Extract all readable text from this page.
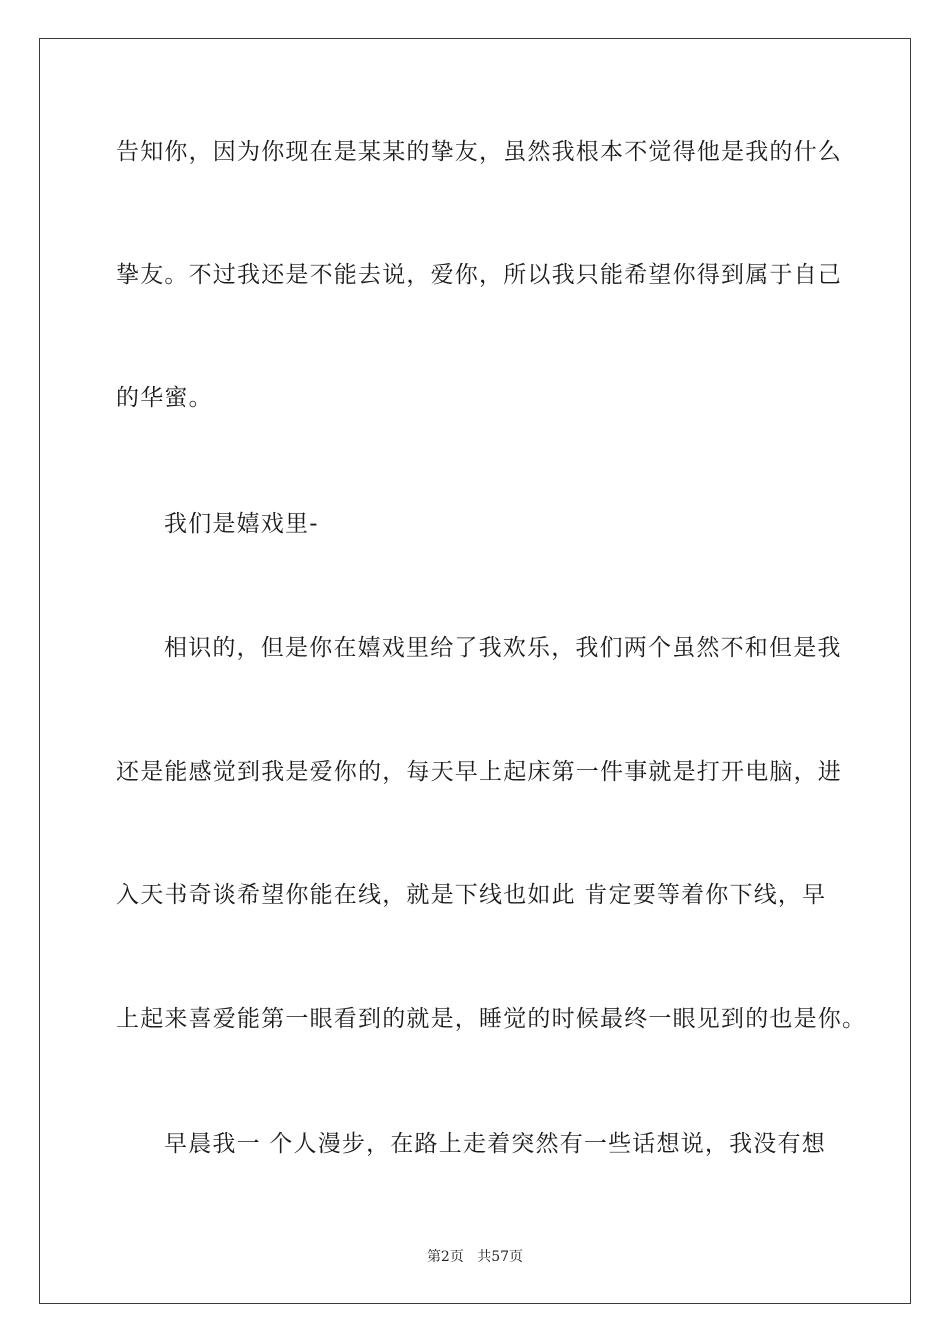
告知你，因为你现在是某某的挚友，虽然我根本不觉得他是我的什么
挚友。不过我还是不能去说，爱你，所以我只能希望你得到属于自己
的华蜜。
我们是嬉戏里-
相识的，但是你在嬉戏里给了我欢乐，我们两个虽然不和但是我
还是能感觉到我是爱你的，每天早上起床第一件事就是打开电脑，进
入天书奇谈希望你能在线，就是下线也如此 肯定要等着你下线，早
上起来喜爱能第一眼看到的就是，睡觉的时候最终一眼见到的也是你。
早晨我一 个人漫步，在路上走着突然有一些话想说，我没有想
第2页 共57页
